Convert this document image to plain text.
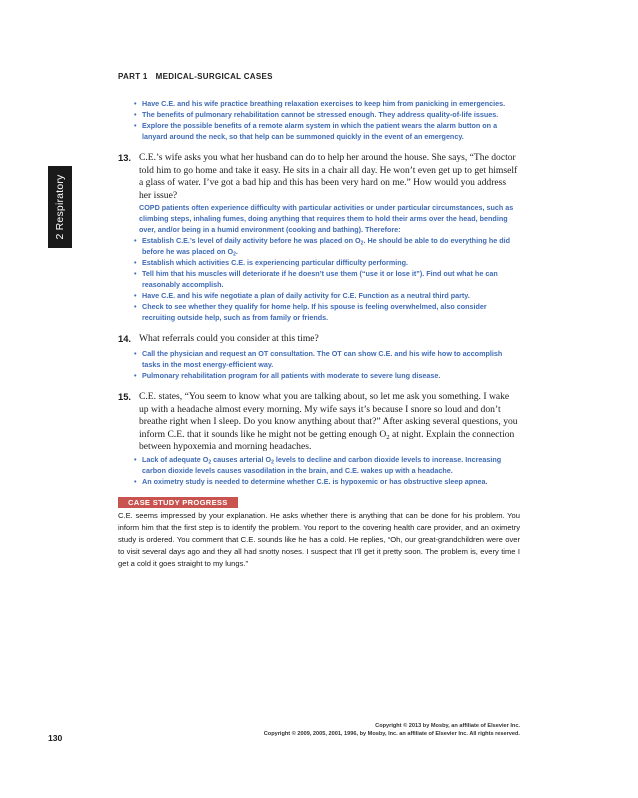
2 Respiratory
PART 1 MEDICAL-SURGICAL CASES
• Have C.E. and his wife practice breathing relaxation exercises to keep him from panicking in emergencies.
• The benefits of pulmonary rehabilitation cannot be stressed enough. They address quality-of-life issues.
• Explore the possible benefits of a remote alarm system in which the patient wears the alarm button on a lanyard around the neck, so that help can be summoned quickly in the event of an emergency.

13. C.E.’s wife asks you what her husband can do to help her around the house. She says, “The doctor told him to go home and take it easy. He sits in a chair all day. He won’t even get up to get himself a glass of water. I’ve got a bad hip and this has been very hard on me.” How would you address her issue?

COPD patients often experience difficulty with particular activities or under particular circumstances, such as climbing steps, inhaling fumes, doing anything that requires them to hold their arms over the head, bending over, and/or being in a humid environment (cooking and bathing). Therefore:

• Establish C.E.’s level of daily activity before he was placed on $O_2$. He should be able to do everything he did before he was placed on $O_2$.
• Establish which activities C.E. is experiencing particular difficulty performing.
• Tell him that his muscles will deteriorate if he doesn’t use them (“use it or lose it”). Find out what he can reasonably accomplish.
• Have C.E. and his wife negotiate a plan of daily activity for C.E. Function as a neutral third party.
• Check to see whether they qualify for home help. If his spouse is feeling overwhelmed, also consider recruiting outside help, such as from family or friends.

14. What referrals could you consider at this time?

• Call the physician and request an OT consultation. The OT can show C.E. and his wife how to accomplish tasks in the most energy-efficient way.
• Pulmonary rehabilitation program for all patients with moderate to severe lung disease.

15. C.E. states, “You seem to know what you are talking about, so let me ask you something. I wake up with a headache almost every morning. My wife says it’s because I snore so loud and don’t breathe right when I sleep. Do you know anything about that?” After asking several questions, you inform C.E. that it sounds like he might not be getting enough $O_2$ at night. Explain the connection between hypoxemia and morning headaches.

• Lack of adequate $O_2$ causes arterial $O_2$ levels to decline and carbon dioxide levels to increase. Increasing carbon dioxide levels causes vasodilation in the brain, and C.E. wakes up with a headache.
• An oximetry study is needed to determine whether C.E. is hypoxemic or has obstructive sleep apnea.
CASE STUDY PROGRESS

C.E. seems impressed by your explanation. He asks whether there is anything that can be done for his problem. You inform him that the first step is to identify the problem. You report to the covering health care provider, and an oximetry study is ordered. You comment that C.E. sounds like he has a cold. He replies, “Oh, our great-grandchildren were over to visit several days ago and they all had snotty noses. I suspect that I’ll get it pretty soon. The problem is, every time I get a cold it goes straight to my lungs.”

130
Copyright © 2013 by Mosby, an affiliate of Elsevier Inc.
Copyright © 2009, 2005, 2001, 1996, by Mosby, Inc. an affiliate of Elsevier Inc. All rights reserved.
